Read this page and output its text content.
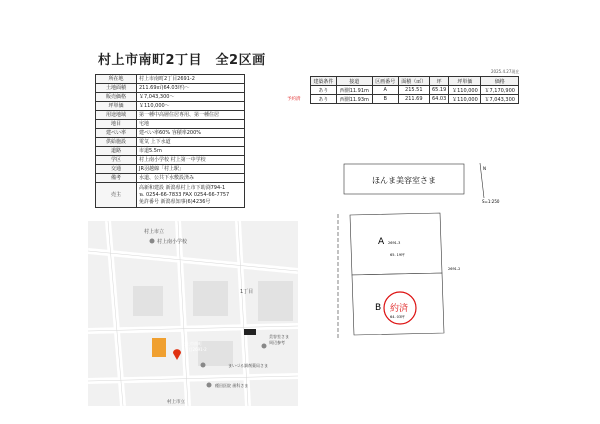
村上市南町2丁目　全2区画
2025.4.27現在
所在地	村上市南町2丁目2691-2

土地面積	211.69㎡(64.03坪)～

販売価格	￥7,043,300～

坪単価	￥110,000～

用途地域	第一種中高層住居専用、第一種住居

地目	宅地

建ぺい率	建ぺい率60% 容積率200%

供給施設	電気 上下水道

道路	市道5.5m

学区	村上南小学校 村上第一中学校

交通	JR羽越線「村上駅」

備考	水道、公共下水敷設済み

売主	高新和建設 新潟県村上市下助渕794-1
℡ 0254-66-7833 FAX 0254-66-7757
免許番号 新潟県知事(6)4236号
予約済
建築条件	接道	区画番号	面積（㎡）	坪	坪単価	価格
あり	西側11.91m	A	215.51	65.19	￥110,000	￥7,170,900
あり	西側11.93m	B	211.69	64.03	￥110,000	￥7,043,300
村上市立
村上南小学校
1丁目
村上市南町
2丁目2691-2
美容室さま
周辺参考
まいづる調剤薬局さま
村上市立
種田医院 歯科さま
ほんま美容室さま
N
S=1:250
A
B
2691-3
65. 19坪
2691-2
64. 03坪
約済
